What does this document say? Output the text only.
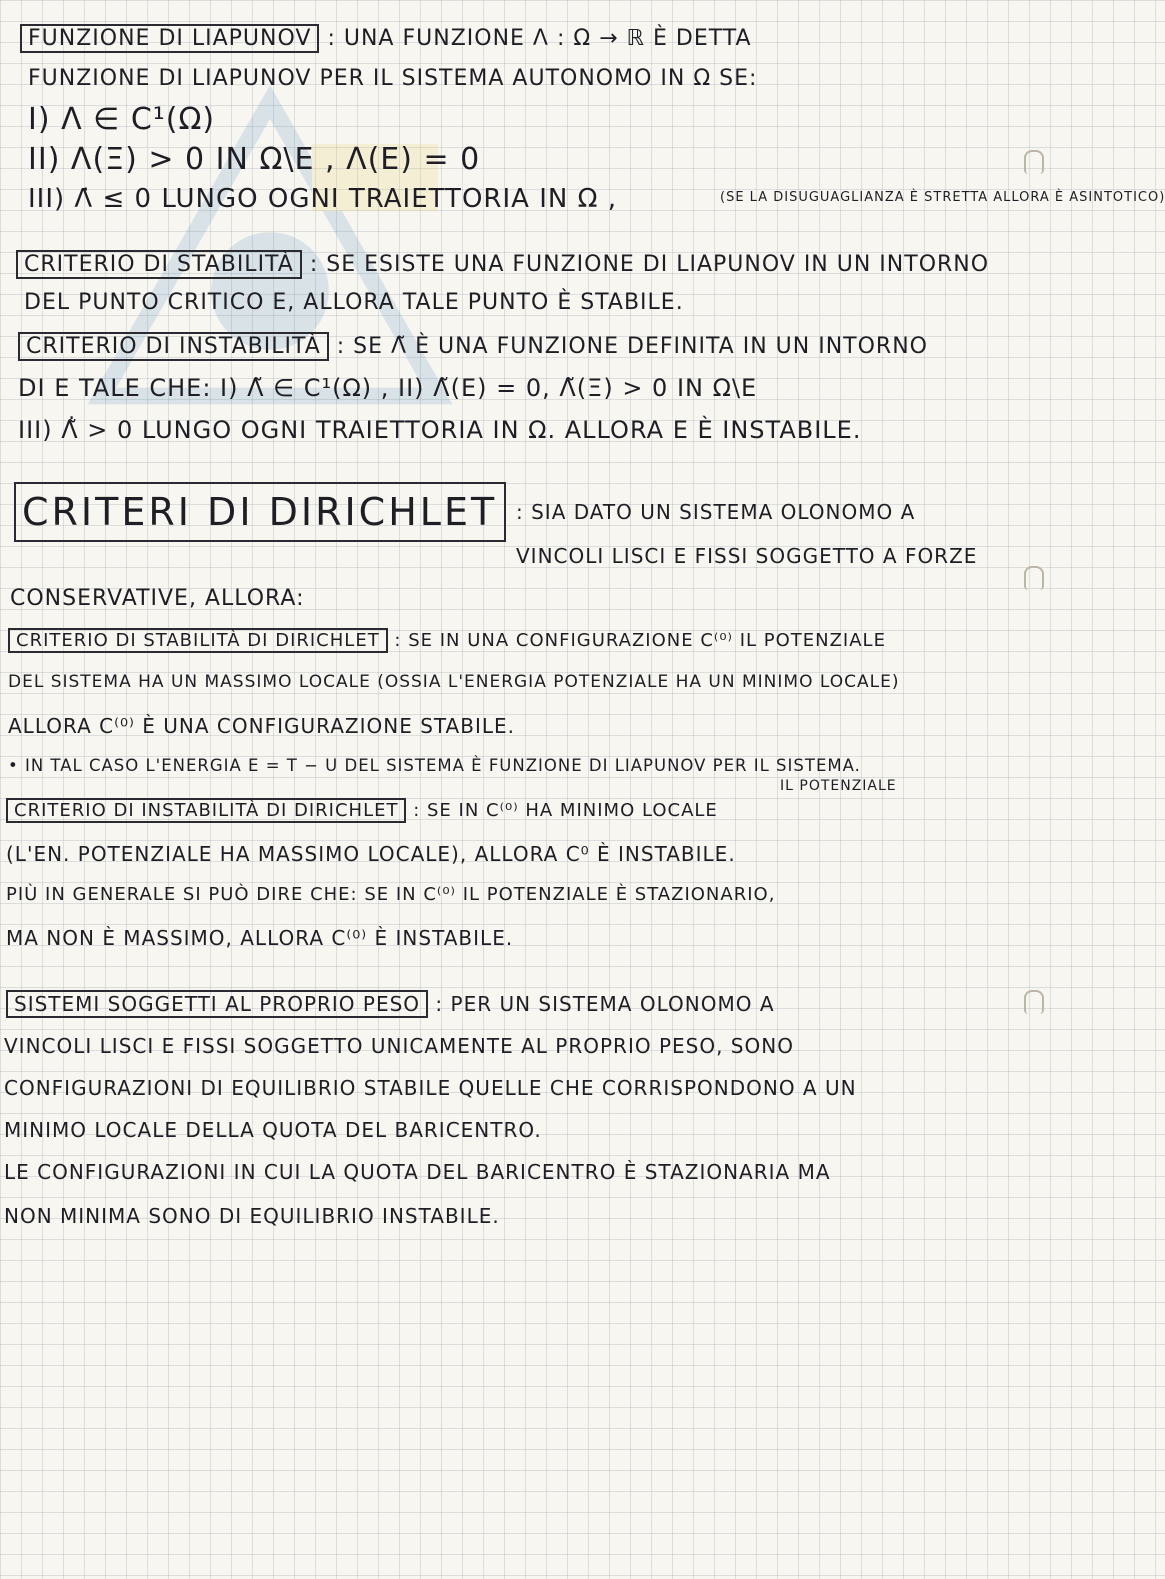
FUNZIONE DI LIAPUNOV : UNA FUNZIONE Λ : Ω → ℝ È DETTA
FUNZIONE DI LIAPUNOV PER IL SISTEMA AUTONOMO IN Ω SE:
I) Λ ∈ C¹(Ω)
II) Λ(Ξ) > 0 IN Ω\E , Λ(E) = 0
III) Λ̇ ≤ 0 LUNGO OGNI TRAIETTORIA IN Ω ,	(SE LA DISUGUAGLIANZA È STRETTA ALLORA È ASINTOTICO)
CRITERIO DI STABILITÀ : SE ESISTE UNA FUNZIONE DI LIAPUNOV IN UN INTORNO
DEL PUNTO CRITICO E, ALLORA TALE PUNTO È STABILE.
CRITERIO DI INSTABILITÀ : SE Λ̃ È UNA FUNZIONE DEFINITA IN UN INTORNO
DI E TALE CHE: I) Λ̃ ∈ C¹(Ω) , II) Λ̃(E) = 0, Λ̃(Ξ) > 0 IN Ω\E
III) Λ̃̇ > 0 LUNGO OGNI TRAIETTORIA IN Ω. ALLORA E È INSTABILE.
CRITERI DI DIRICHLET : SIA DATO UN SISTEMA OLONOMO A
VINCOLI LISCI E FISSI SOGGETTO A FORZE
CONSERVATIVE, ALLORA:
CRITERIO DI STABILITÀ DI DIRICHLET : SE IN UNA CONFIGURAZIONE C⁽⁰⁾ IL POTENZIALE
DEL SISTEMA HA UN MASSIMO LOCALE (OSSIA L'ENERGIA POTENZIALE HA UN MINIMO LOCALE)
ALLORA C⁽⁰⁾ È UNA CONFIGURAZIONE STABILE.
• IN TAL CASO L'ENERGIA E = T − U DEL SISTEMA È FUNZIONE DI LIAPUNOV PER IL SISTEMA.
IL POTENZIALE
CRITERIO DI INSTABILITÀ DI DIRICHLET : SE IN C⁽⁰⁾ HA MINIMO LOCALE
(L'EN. POTENZIALE HA MASSIMO LOCALE), ALLORA C⁰ È INSTABILE.
PIÙ IN GENERALE SI PUÒ DIRE CHE: SE IN C⁽⁰⁾ IL POTENZIALE È STAZIONARIO,
MA NON È MASSIMO, ALLORA C⁽⁰⁾ È INSTABILE.
SISTEMI SOGGETTI AL PROPRIO PESO : PER UN SISTEMA OLONOMO A
VINCOLI LISCI E FISSI SOGGETTO UNICAMENTE AL PROPRIO PESO, SONO
CONFIGURAZIONI DI EQUILIBRIO STABILE QUELLE CHE CORRISPONDONO A UN
MINIMO LOCALE DELLA QUOTA DEL BARICENTRO.
LE CONFIGURAZIONI IN CUI LA QUOTA DEL BARICENTRO È STAZIONARIA MA
NON MINIMA SONO DI EQUILIBRIO INSTABILE.
